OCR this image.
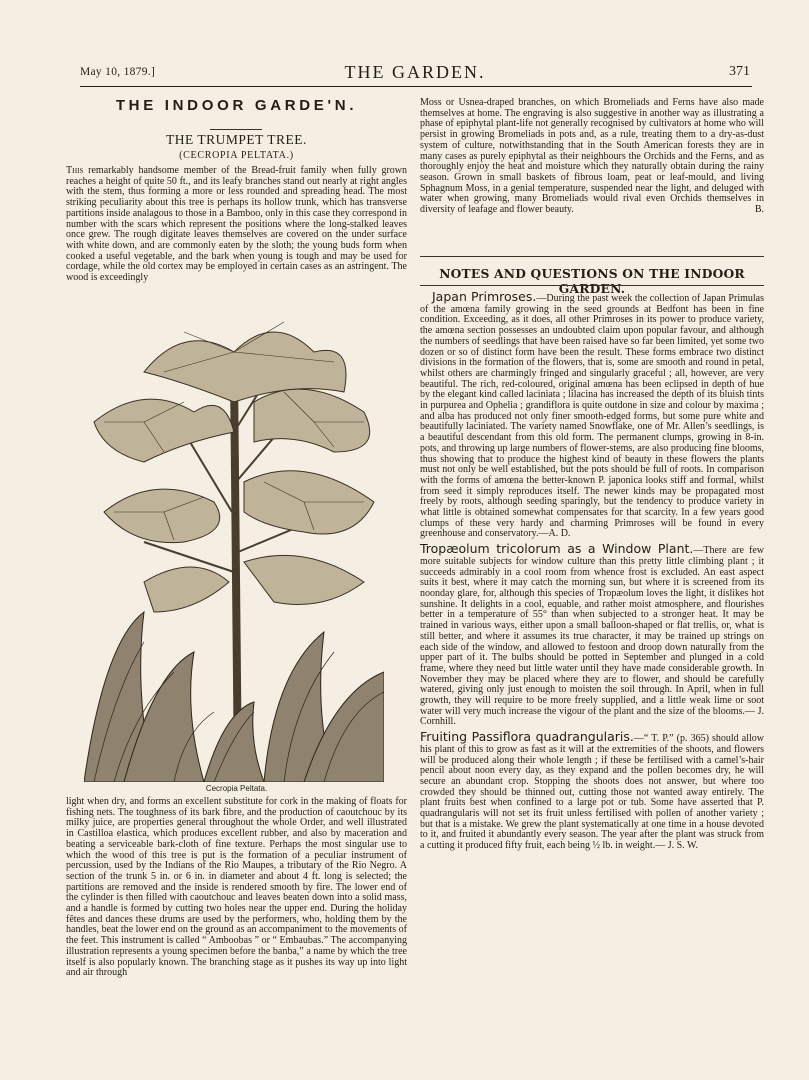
May 10, 1879.]	THE GARDEN.	371
THE INDOOR GARDE'N.
THE TRUMPET TREE.
(CECROPIA PELTATA.)

This remarkably handsome member of the Bread-fruit family when fully grown reaches a height of quite 50 ft., and its leafy branches stand out nearly at right angles with the stem, thus forming a more or less rounded and spreading head. The most striking peculiarity about this tree is perhaps its hollow trunk, which has transverse partitions inside analagous to those in a Bamboo, only in this case they correspond in number with the scars which represent the positions where the long-stalked leaves once grew. The rough digitate leaves themselves are covered on the under surface with white down, and are commonly eaten by the sloth; the young buds form when cooked a useful vegetable, and the bark when young is tough and may be used for cordage, while the old cortex may be employed in certain cases as an astringent. The wood is exceedingly

Cecropia Peltata.

light when dry, and forms an excellent substitute for cork in the making of floats for fishing nets. The toughness of its bark fibre, and the production of caoutchouc by its milky juice, are properties general throughout the whole Order, and well illustrated in Castilloa elastica, which produces excellent rubber, and also by maceration and beating a serviceable bark-cloth of fine texture. Perhaps the most singular use to which the wood of this tree is put is the formation of a peculiar instrument of percussion, used by the Indians of the Rio Maupes, a tributary of the Rio Negro. A section of the trunk 5 in. or 6 in. in diameter and about 4 ft. long is selected; the partitions are removed and the inside is rendered smooth by fire. The lower end of the cylinder is then filled with caoutchouc and leaves beaten down into a solid mass, and a handle is formed by cutting two holes near the upper end. During the holiday fêtes and dances these drums are used by the performers, who, holding them by the handles, beat the lower end on the ground as an accompaniment to the movements of the feet. This instrument is called “ Amboobas ” or “ Embaubas.” The accompanying illustration represents a young specimen before the banba,” a name by which the tree itself is also popularly known. The branching stage as it pushes its way up into light and air through

Moss or Usnea-draped branches, on which Bromeliads and Ferns have also made themselves at home. The engraving is also suggestive in another way as illustrating a phase of epiphytal plant-life not generally recognised by cultivators at home who will persist in growing Bromeliads in pots and, as a rule, treating them to a dry-as-dust system of culture, notwithstanding that in the South American forests they are in many cases as purely epiphytal as their neighbours the Orchids and the Ferns, and as thoroughly enjoy the heat and moisture which they naturally obtain during the rainy season. Grown in small baskets of fibrous loam, peat or leaf-mould, and living Sphagnum Moss, in a genial temperature, suspended near the light, and deluged with water when growing, many Bromeliads would rival even Orchids themselves in diversity of leafage and flower beauty.	B.

NOTES AND QUESTIONS ON THE INDOOR GARDEN.

Japan Primroses.—During the past week the collection of Japan Primulas of the amœna family growing in the seed grounds at Bedfont has been in fine condition. Exceeding, as it does, all other Primroses in its power to produce variety, the amœna section possesses an undoubted claim upon popular favour, and although the numbers of seedlings that have been raised have so far been limited, yet some two dozen or so of distinct form have been the result. These forms embrace two distinct divisions in the formation of the flowers, that is, some are smooth and round in petal, whilst others are charmingly fringed and singularly graceful ; all, however, are very beautiful. The rich, red-coloured, original amœna has been eclipsed in depth of hue by the elegant kind called laciniata ; lilacina has increased the depth of its bluish tints in purpurea and Ophelia ; grandiflora is quite outdone in size and colour by maxima ; and alba has produced not only finer smooth-edged forms, but some pure white and beautifully laciniated. The variety named Snowflake, one of Mr. Allen’s seedlings, is a beautiful descendant from this old form. The permanent clumps, growing in 8-in. pots, and throwing up large numbers of flower-stems, are also producing fine blooms, thus showing that to produce the highest kind of beauty in these flowers the plants must not only be well established, but the pots should be full of roots. In comparison with the forms of amœna the better-known P. japonica looks stiff and formal, whilst from seed it simply reproduces itself. The newer kinds may be propagated most freely by roots, although seeding sparingly, but the tendency to produce variety in what little is obtained somewhat compensates for that scarcity. In a few years good clumps of these very hardy and charming Primroses will be found in every greenhouse and conservatory.—A. D.

Tropæolum tricolorum as a Window Plant.—There are few more suitable subjects for window culture than this pretty little climbing plant ; it succeeds admirably in a cool room from whence frost is excluded. An east aspect suits it best, where it may catch the morning sun, but where it is screened from its noonday glare, for, although this species of Tropæolum loves the light, it dislikes hot sunshine. It delights in a cool, equable, and rather moist atmosphere, and flourishes better in a temperature of 55° than when subjected to a stronger heat. It may be trained in various ways, either upon a small balloon-shaped or flat trellis, or, what is still better, and where it assumes its true character, it may be trained up strings on each side of the window, and allowed to festoon and droop down naturally from the upper part of it. The bulbs should be potted in September and plunged in a cold frame, where they need but little water until they have made considerable growth. In November they may be placed where they are to flower, and should be carefully watered, giving only just enough to moisten the soil through. In April, when in full growth, they will require to be more freely supplied, and a little weak lime or soot water will very much increase the vigour of the plant and the size of the blooms.— J. Cornhill.

Fruiting Passiflora quadrangularis.—“ T. P.” (p. 365) should allow his plant of this to grow as fast as it will at the extremities of the shoots, and flowers will be produced along their whole length ; if these be fertilised with a camel’s-hair pencil about noon every day, as they expand and the pollen becomes dry, he will secure an abundant crop. Stopping the shoots does not answer, but where too crowded they should be thinned out, cutting those not wanted away entirely. The plant fruits best when confined to a large pot or tub. Some have asserted that P. quadrangularis will not set its fruit unless fertilised with pollen of another variety ; but that is a mistake. We grew the plant systematically at one time in a house devoted to it, and fruited it abundantly every season. The year after the plant was struck from a cutting it produced fifty fruit, each being ½ lb. in weight.— J. S. W.
